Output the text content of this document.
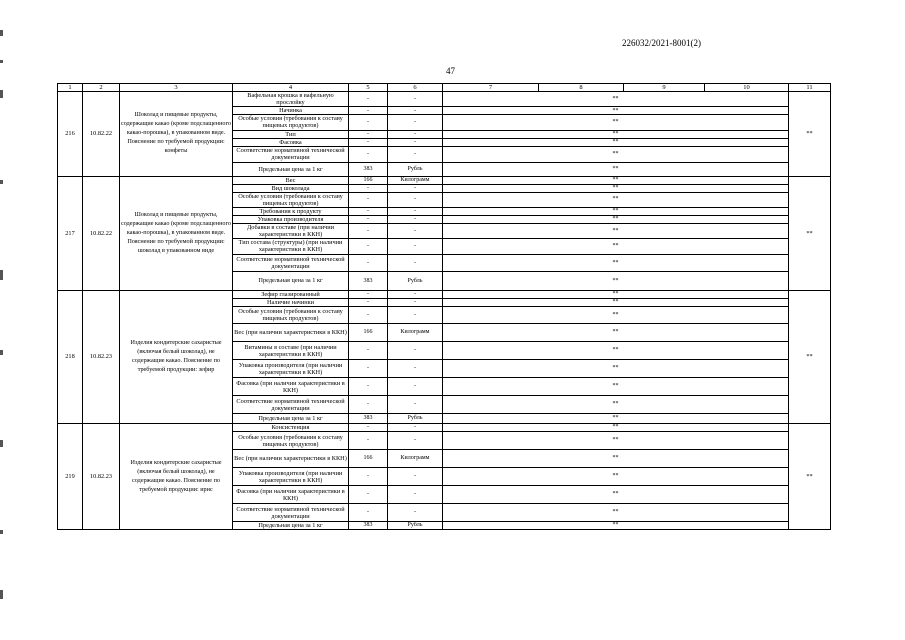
226032/2021-8001(2)
47
1	2	3	4	5	6	7	8	9	10	11
216	10.82.22	Шоколад и пищевые продукты, содержащие какао (кроме подслащенного какао-порошка), в упакованном виде. Пояснение по требуемой продукции: конфеты	Вафельная крошка в вафельную прослойку	-	-	**				**
			Начинка	-	-	**				
			Особые условия (требования к составу пищевых продуктов)	-	-	**				
			Тип	-	-	**				
			Фасовка	-	-	**				
			Соответствие нормативной технической документации	-	-	**				
			Предельная цена за 1 кг	383	Рубль	**				
217	10.82.22	Шоколад и пищевые продукты, содержащие какао (кроме подслащенного какао-порошка), в упакованном виде. Пояснение по требуемой продукции: шоколад в упакованном виде	Вес	166	Килограмм	**				**
			Вид шоколада	-	-	**				
			Особые условия (требования к составу пищевых продуктов)	-	-	**				
			Требования к продукту	-	-	**				
			Упаковка производителя	-	-	**				
			Добавки в составе (при наличии характеристики в ККН)	-	-	**				
			Тип состава (структуры) (при наличии характеристики в ККН)	-	-	**				
			Соответствие нормативной технической документации	-	-	**				
			Предельная цена за 1 кг	383	Рубль	**				
218	10.82.23	Изделия кондитерские сахаристые (включая белый шоколад), не содержащие какао. Пояснение по требуемой продукции: зефир	Зефир глазированный	-	-	**				**
			Наличие начинки	-	-	**				
			Особые условия (требования к составу пищевых продуктов)	-	-	**				
			Вес (при наличии характеристики в ККН)	166	Килограмм	**				
			Витамины в составе (при наличии характеристики в ККН)	-	-	**				
			Упаковка производителя (при наличии характеристики в ККН)	-	-	**				
			Фасовка (при наличии характеристики в ККН)	-	-	**				
			Соответствие нормативной технической документации	-	-	**				
			Предельная цена за 1 кг	383	Рубль	**				
219	10.82.23	Изделия кондитерские сахаристые (включая белый шоколад), не содержащие какао. Пояснение по требуемой продукции: ирис	Консистенция	-	-	**				**
			Особые условия (требования к составу пищевых продуктов)	-	-	**				
			Вес (при наличии характеристики в ККН)	166	Килограмм	**				
			Упаковка производителя (при наличии характеристики в ККН)	-	-	**				
			Фасовка (при наличии характеристики в ККН)	-	-	**				
			Соответствие нормативной технической документации	-	-	**				
			Предельная цена за 1 кг	383	Рубль	**				
